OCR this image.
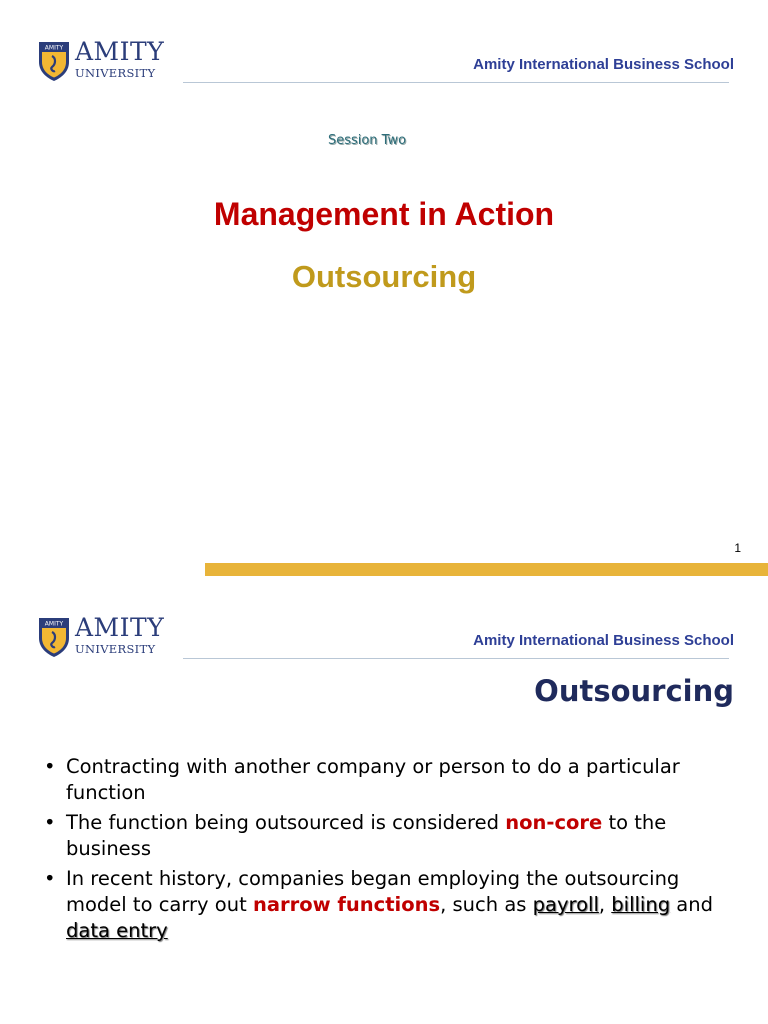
AMITY AMITY
UNIVERSITY	Amity International Business School
Session Two
Management in Action
Outsourcing
1
AMITY AMITY
UNIVERSITY	Amity International Business School
Outsourcing
• Contracting with another company or person to do a particular function
• The function being outsourced is considered non-core to the business
• In recent history, companies began employing the outsourcing model to carry out narrow functions, such as payroll, billing and data entry
